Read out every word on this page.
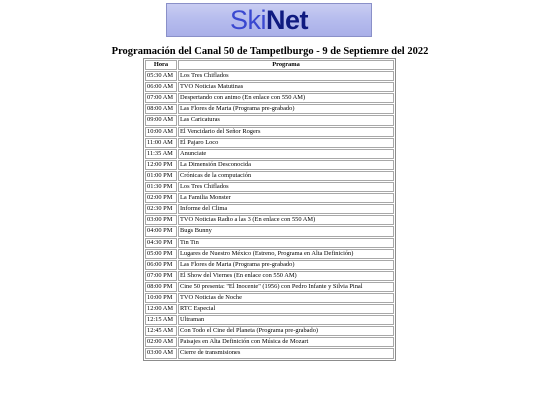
SkiNet
Programación del Canal 50 de Tampetlburgo - 9 de Septiemre del 2022
Hora	Programa
05:30 AM	Los Tres Chiflados
06:00 AM	TVO Noticias Matutinas
07:00 AM	Despertando con animo (En enlace con 550 AM)
08:00 AM	Las Flores de Marta (Programa pre-grabado)
09:00 AM	Las Caricaturas
10:00 AM	El Vencidario del Señor Rogers
11:00 AM	El Pajaro Loco
11:35 AM	Anunciate
12:00 PM	La Dimensión Desconocida
01:00 PM	Crónicas de la computación
01:30 PM	Los Tres Chiflados
02:00 PM	La Familia Monster
02:30 PM	Informe del Clima
03:00 PM	TVO Noticias Radio a las 3 (En enlace con 550 AM)
04:00 PM	Bugs Bunny
04:30 PM	Tin Tin
05:00 PM	Lugares de Nuestro México (Estreno, Programa en Alta Definición)
06:00 PM	Las Flores de Marta (Programa pre-grabado)
07:00 PM	El Show del Viernes (En enlace con 550 AM)
08:00 PM	Cine 50 presenta: "El Inocente" (1956) con Pedro Infante y Silvia Pinal
10:00 PM	TVO Noticias de Noche
12:00 AM	RTC Especial
12:15 AM	Ultraman
12:45 AM	Con Todo el Cine del Planeta (Programa pre-grabado)
02:00 AM	Paisajes en Alta Definición con Música de Mozart
03:00 AM	Cierre de transmisiones
